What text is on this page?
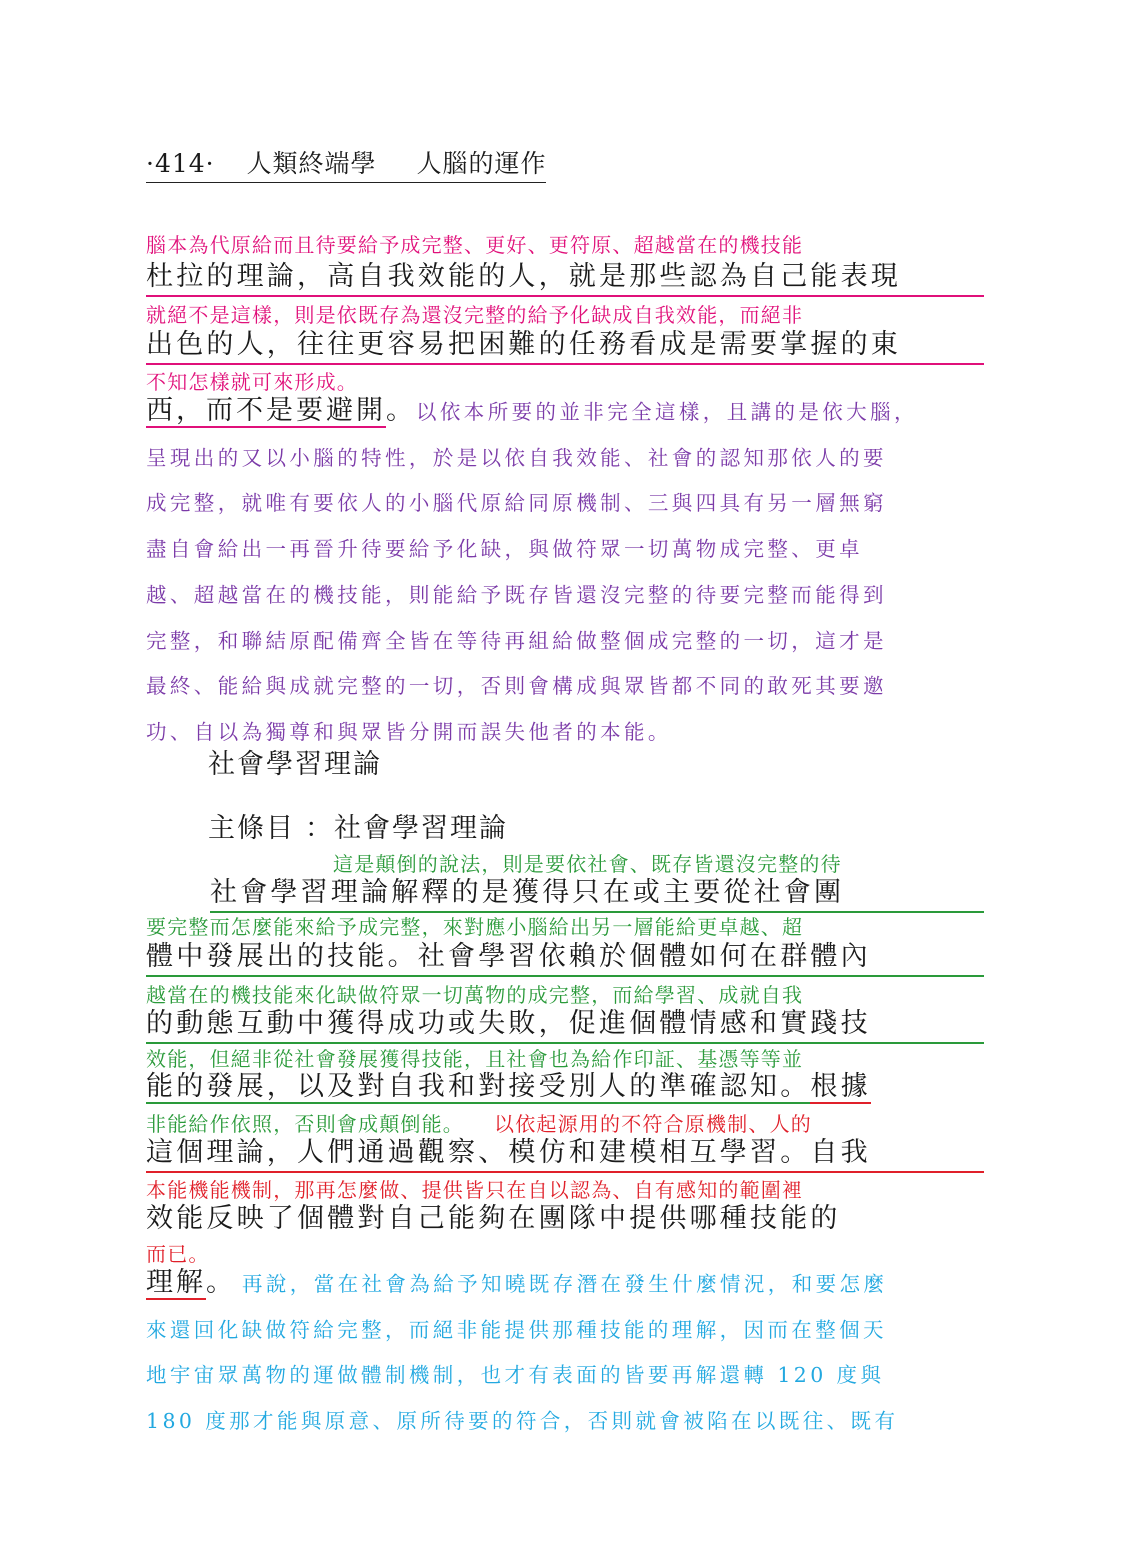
·414· 人類終端學 人腦的運作
腦本為代原給而且待要給予成完整、更好、更符原、超越當在的機技能
杜拉的理論，高自我效能的人，就是那些認為自己能表現
就絕不是這樣，則是依既存為還沒完整的給予化缺成自我效能，而絕非
出色的人，往往更容易把困難的任務看成是需要掌握的東
不知怎樣就可來形成。
西，而不是要避開。以依本所要的並非完全這樣，且講的是依大腦，
呈現出的又以小腦的特性，於是以依自我效能、社會的認知那依人的要
成完整，就唯有要依人的小腦代原給同原機制、三與四具有另一層無窮
盡自會給出一再晉升待要給予化缺，與做符眾一切萬物成完整、更卓
越、超越當在的機技能，則能給予既存皆還沒完整的待要完整而能得到
完整，和聯結原配備齊全皆在等待再組給做整個成完整的一切，這才是
最終、能給與成就完整的一切，否則會構成與眾皆都不同的敢死其要邀
功、自以為獨尊和與眾皆分開而誤失他者的本能。
社會學習理論
主條目 ：社會學習理論
這是顛倒的說法，則是要依社會、既存皆還沒完整的待
社會學習理論解釋的是獲得只在或主要從社會團
要完整而怎麼能來給予成完整，來對應小腦給出另一層能給更卓越、超
體中發展出的技能。社會學習依賴於個體如何在群體內
越當在的機技能來化缺做符眾一切萬物的成完整，而給學習、成就自我
的動態互動中獲得成功或失敗，促進個體情感和實踐技
效能，但絕非從社會發展獲得技能，且社會也為給作印証、基憑等等並
能的發展，以及對自我和對接受別人的準確認知。根據
非能給作依照，否則會成顛倒能。 以依起源用的不符合原機制、人的
這個理論，人們通過觀察、模仿和建模相互學習。自我
本能機能機制，那再怎麼做、提供皆只在自以認為、自有感知的範圍裡
效能反映了個體對自己能夠在團隊中提供哪種技能的
而已。
理解。 再說，當在社會為給予知曉既存潛在發生什麼情況，和要怎麼
來還回化缺做符給完整，而絕非能提供那種技能的理解，因而在整個天
地宇宙眾萬物的運做體制機制，也才有表面的皆要再解還轉 120 度與
180 度那才能與原意、原所待要的符合，否則就會被陷在以既往、既有
